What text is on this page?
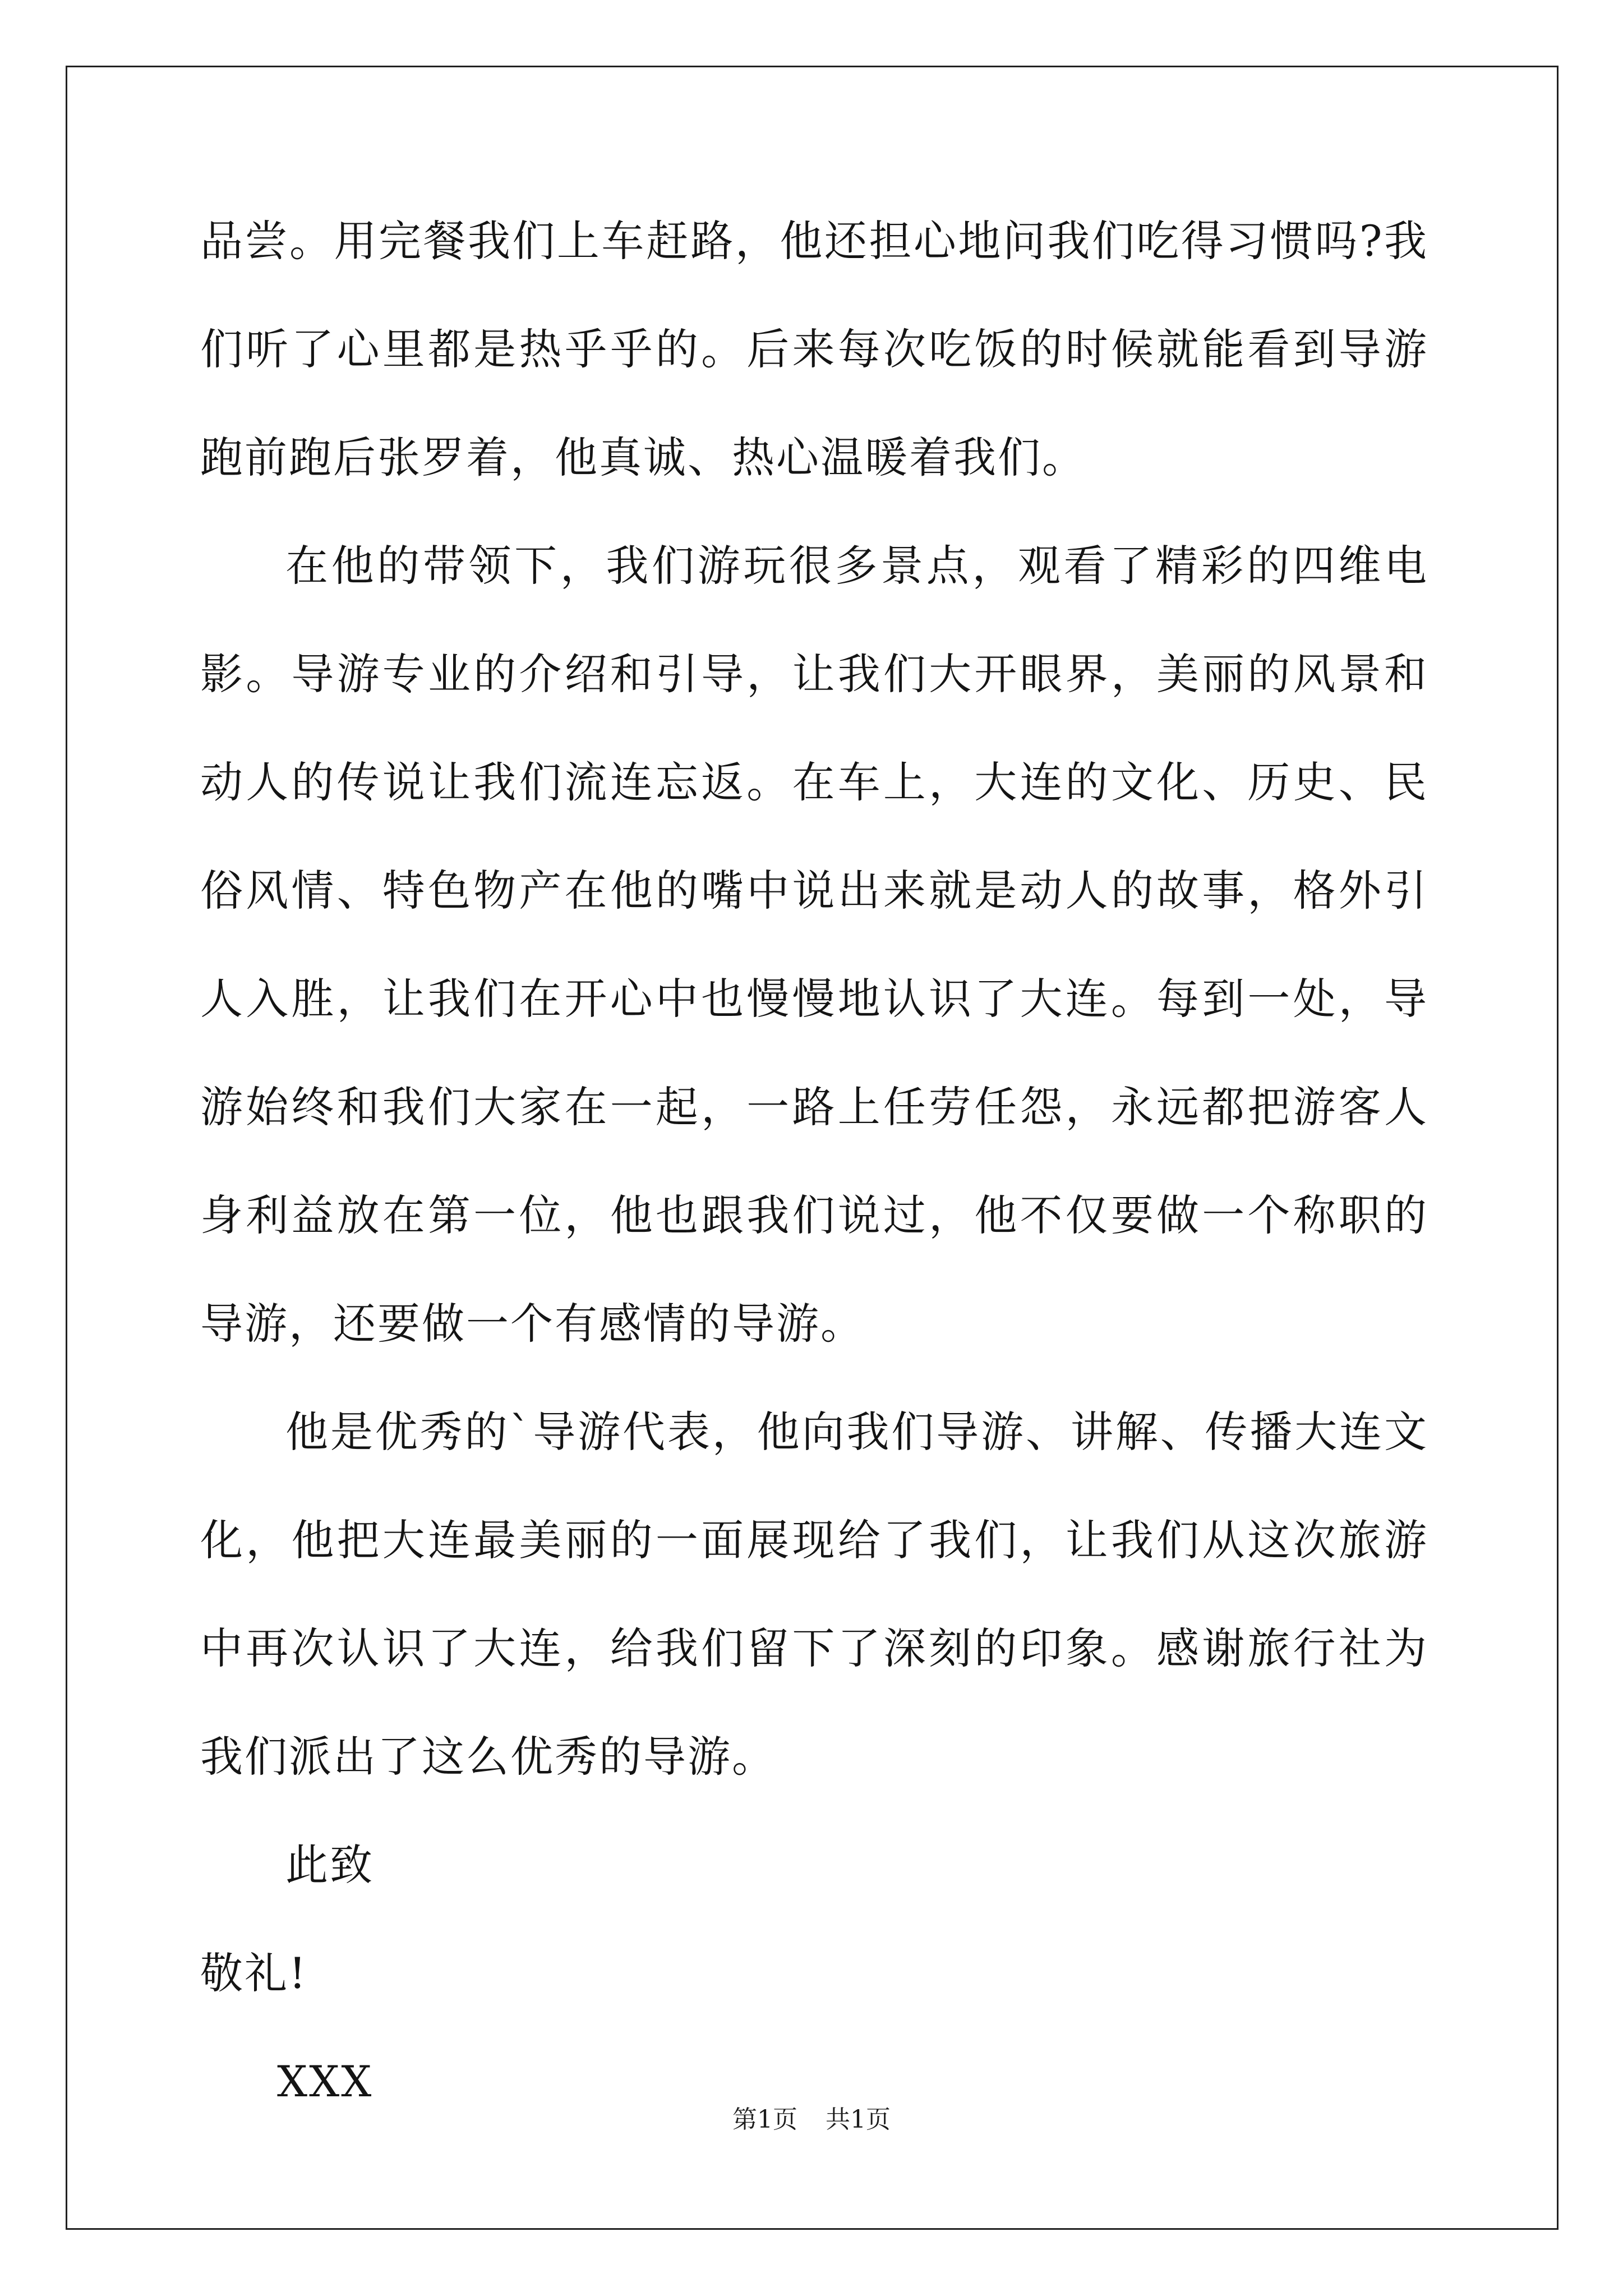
品尝。用完餐我们上车赶路，他还担心地问我们吃得习惯吗?我们听了心里都是热乎乎的。后来每次吃饭的时候就能看到导游跑前跑后张罗着，他真诚、热心温暖着我们。

在他的带领下，我们游玩很多景点，观看了精彩的四维电影。导游专业的介绍和引导，让我们大开眼界，美丽的风景和动人的传说让我们流连忘返。在车上，大连的文化、历史、民俗风情、特色物产在他的嘴中说出来就是动人的故事，格外引人入胜，让我们在开心中也慢慢地认识了大连。每到一处，导游始终和我们大家在一起，一路上任劳任怨，永远都把游客人身利益放在第一位，他也跟我们说过，他不仅要做一个称职的导游，还要做一个有感情的导游。

他是优秀的`导游代表，他向我们导游、讲解、传播大连文化，他把大连最美丽的一面展现给了我们，让我们从这次旅游中再次认识了大连，给我们留下了深刻的印象。感谢旅行社为我们派出了这么优秀的导游。

此致

敬礼!

XXX

第1页 共1页
